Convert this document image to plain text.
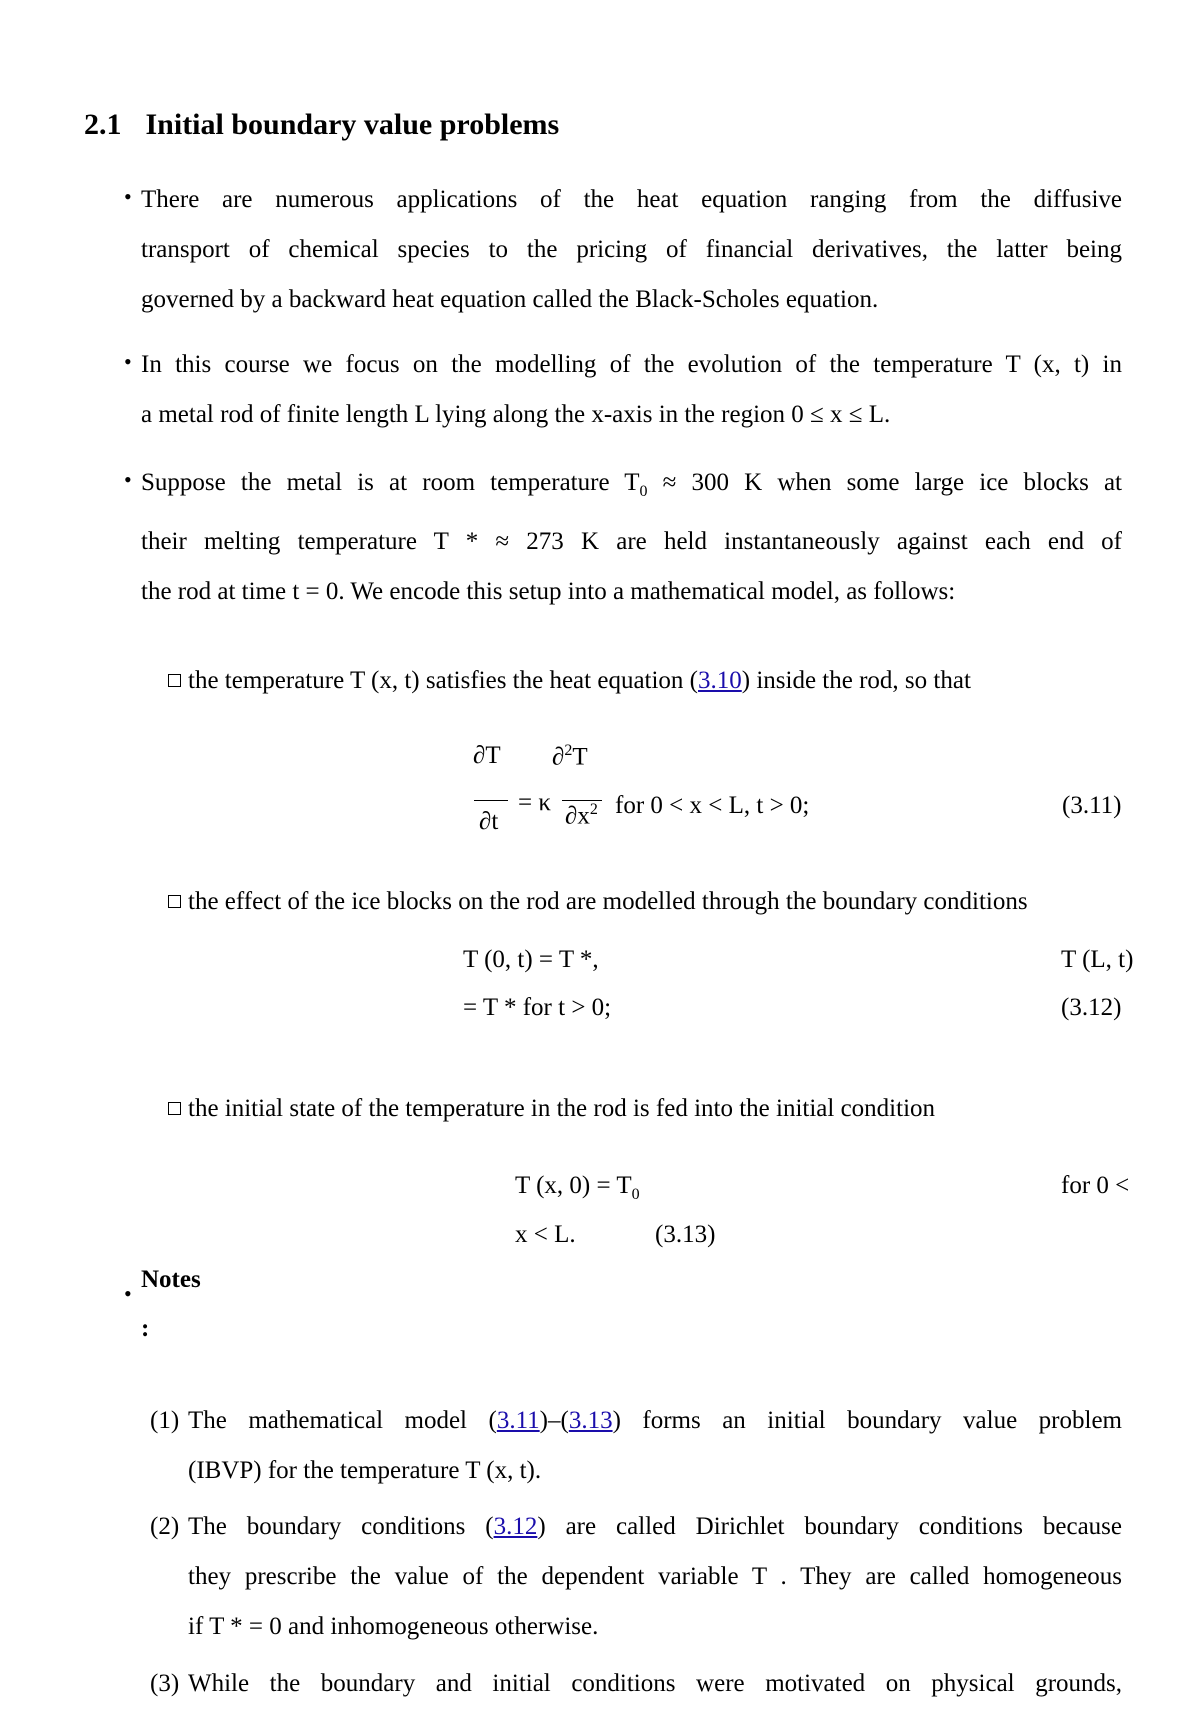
2.1 Initial boundary value problems
• There are numerous applications of the heat equation ranging from the diffusive
transport of chemical species to the pricing of financial derivatives, the latter being
governed by a backward heat equation called the Black-Scholes equation.
• In this course we focus on the modelling of the evolution of the temperature T (x, t) in
a metal rod of finite length L lying along the x-axis in the region 0 ≤ x ≤ L.
• Suppose the metal is at room temperature $T_0 \approx 300$ K when some large ice blocks at
their melting temperature T * ≈ 273 K are held instantaneously against each end of
the rod at time t = 0. We encode this setup into a mathematical model, as follows:
the temperature T (x, t) satisfies the heat equation (3.10) inside the rod, so that
∂T ∂$^2$T
∂t
= κ $\partial x^2$ for 0 < x < L, t > 0;	(3.11)
the effect of the ice blocks on the rod are modelled through the boundary conditions
T (0, t) = T *,	T (L, t)
= T * for t > 0;	(3.12)
the initial state of the temperature in the rod is fed into the initial condition
T (x, $0) = T_0$	for 0 <
x < L.	(3.13)
•
Notes
:
(1) The mathematical model (3.11)–(3.13) forms an initial boundary value problem
(IBVP) for the temperature T (x, t).
(2) The boundary conditions (3.12) are called Dirichlet boundary conditions because
they prescribe the value of the dependent variable T . They are called homogeneous
if T * = 0 and inhomogeneous otherwise.
(3) While the boundary and initial conditions were motivated on physical grounds,
